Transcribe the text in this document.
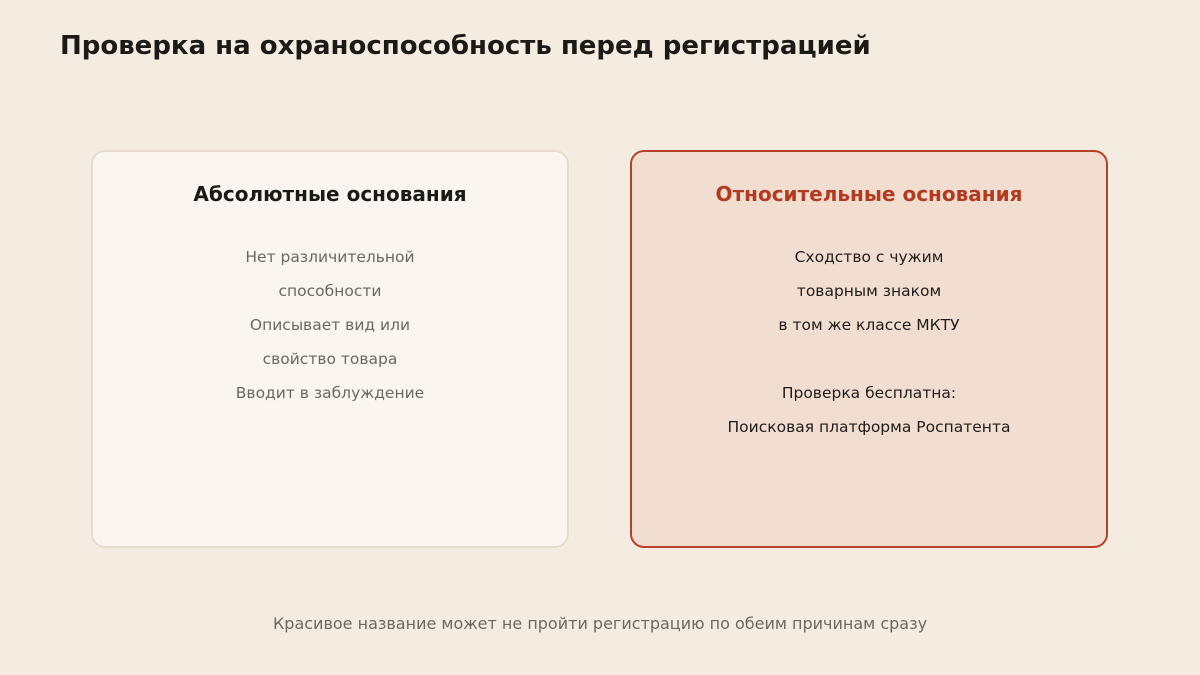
Проверка на охраноспособность перед регистрацией
Абсолютные основания
Нет различительной
способности
Описывает вид или
свойство товара
Вводит в заблуждение
Относительные основания
Сходство с чужим
товарным знаком
в том же классе МКТУ
Проверка бесплатна:
Поисковая платформа Роспатента

Красивое название может не пройти регистрацию по обеим причинам сразу
